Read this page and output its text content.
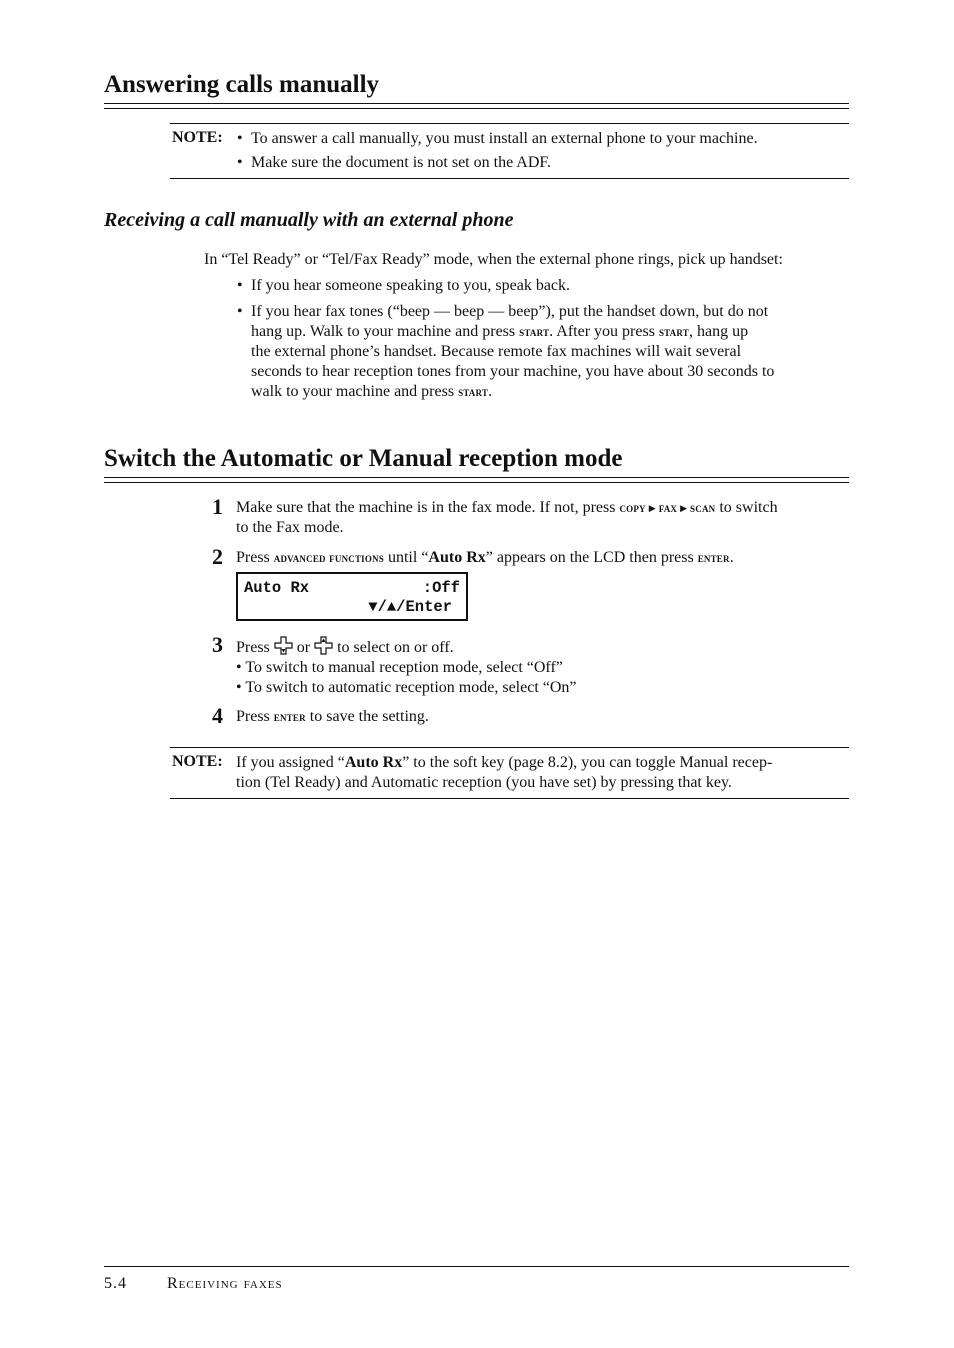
Answering calls manually
NOTE: • To answer a call manually, you must install an external phone to your machine.
• Make sure the document is not set on the ADF.
Receiving a call manually with an external phone
In “Tel Ready” or “Tel/Fax Ready” mode, when the external phone rings, pick up handset:
• If you hear someone speaking to you, speak back.
• If you hear fax tones (“beep — beep — beep”), put the handset down, but do not
hang up. Walk to your machine and press start. After you press start, hang up
the external phone’s handset. Because remote fax machines will wait several
seconds to hear reception tones from your machine, you have about 30 seconds to
walk to your machine and press start.
Switch the Automatic or Manual reception mode
1 Make sure that the machine is in the fax mode. If not, press copy ▶ fax ▶ scan to switch
to the Fax mode.
2 Press advanced functions until “Auto Rx” appears on the LCD then press enter.
Auto Rx	:Off
▼/▲/Enter
3 Press  or  to select on or off.
• To switch to manual reception mode, select “Off”
• To switch to automatic reception mode, select “On”
4 Press enter to save the setting.
NOTE: If you assigned “Auto Rx” to the soft key (page 8.2), you can toggle Manual recep-
tion (Tel Ready) and Automatic reception (you have set) by pressing that key.
5.4	Receiving faxes
